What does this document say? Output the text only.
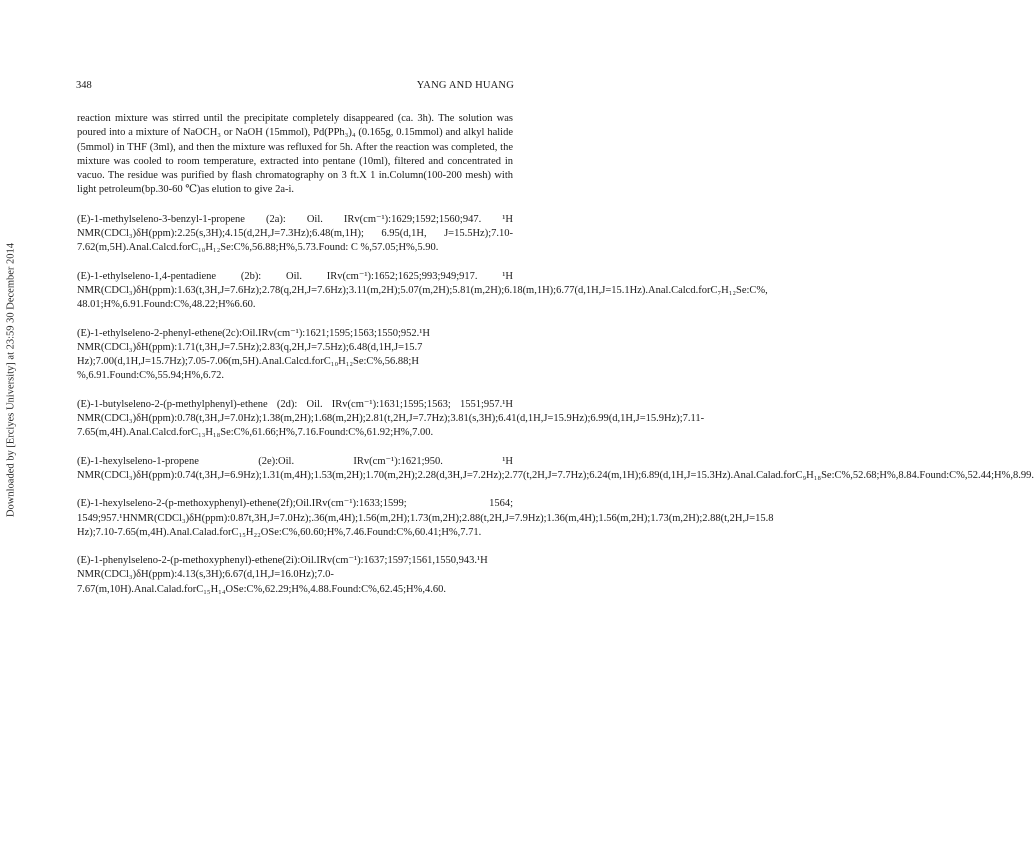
Downloaded by [Erciyes University] at 23:59 30 December 2014
348	YANG AND HUANG

reaction mixture was stirred until the precipitate completely disappeared (ca. 3h). The solution was poured into a mixture of NaOCH₃ or NaOH (15mmol), Pd(PPh₃)₄ (0.165g, 0.15mmol) and alkyl halide (5mmol) in THF (3ml), and then the mixture was refluxed for 5h. After the reaction was completed, the mixture was cooled to room temperature, extracted into pentane (10ml), filtered and concentrated in vacuo. The residue was purified by flash chromatography on 3 ft.X 1 in.Column(100-200 mesh) with light petroleum(bp.30-60 ℃)as elution to give 2a-i.

(E)-1-methylseleno-3-benzyl-1-propene (2a): Oil. IRv(cm⁻¹):1629;1592;1560;947. ¹H NMR(CDCl₃)δH(ppm):2.25(s,3H);4.15(d,2H,J=7.3Hz);6.48(m,1H); 6.95(d,1H, J=15.5Hz);7.10-7.62(m,5H).Anal.Calcd.forC₁₀H₁₂Se:C%,56.88;H%,5.73.Found: C %,57.05;H%,5.90.

(E)-1-ethylseleno-1,4-pentadiene (2b): Oil. IRv(cm⁻¹):1652;1625;993;949;917. ¹H NMR(CDCl₃)δH(ppm):1.63(t,3H,J=7.6Hz);2.78(q,2H,J=7.6Hz);3.11(m,2H);5.07(m,2H);5.81(m,2H);6.18(m,1H);6.77(d,1H,J=15.1Hz).Anal.Calcd.forC₇H₁₂Se:C%, 48.01;H%,6.91.Found:C%,48.22;H%6.60.

(E)-1-ethylseleno-2-phenyl-ethene(2c):Oil.IRv(cm⁻¹):1621;1595;1563;1550;952.¹H NMR(CDCl₃)δH(ppm):1.71(t,3H,J=7.5Hz);2.83(q,2H,J=7.5Hz);6.48(d,1H,J=15.7 Hz);7.00(d,1H,J=15.7Hz);7.05-7.06(m,5H).Anal.Calcd.forC₁₀H₁₂Se:C%,56.88;H %,6.91.Found:C%,55.94;H%,6.72.

(E)-1-butylseleno-2-(p-methylphenyl)-ethene (2d): Oil. IRv(cm⁻¹):1631;1595;1563; 1551;957.¹H NMR(CDCl₃)δH(ppm):0.78(t,3H,J=7.0Hz);1.38(m,2H);1.68(m,2H);2.81(t,2H,J=7.7Hz);3.81(s,3H);6.41(d,1H,J=15.9Hz);6.99(d,1H,J=15.9Hz);7.11-7.65(m,4H).Anal.Calcd.forC₁₃H₁₈Se:C%,61.66;H%,7.16.Found:C%,61.92;H%,7.00.

(E)-1-hexylseleno-1-propene (2e):Oil. IRv(cm⁻¹):1621;950. ¹H NMR(CDCl₃)δH(ppm):0.74(t,3H,J=6.9Hz);1.31(m,4H);1.53(m,2H);1.70(m,2H);2.28(d,3H,J=7.2Hz);2.77(t,2H,J=7.7Hz);6.24(m,1H);6.89(d,1H,J=15.3Hz).Anal.Calad.forC₉H₁₈Se:C%,52.68;H%,8.84.Found:C%,52.44;H%,8.99.

(E)-1-hexylseleno-2-(p-methoxyphenyl)-ethene(2f);Oil.IRv(cm⁻¹):1633;1599; 1564; 1549;957.¹HNMR(CDCl₃)δH(ppm):0.87t,3H,J=7.0Hz);.36(m,4H);1.56(m,2H);1.73(m,2H);2.88(t,2H,J=7.9Hz);1.36(m,4H);1.56(m,2H);1.73(m,2H);2.88(t,2H,J=15.8 Hz);7.10-7.65(m,4H).Anal.Calad.forC₁₅H₂₂OSe:C%,60.60;H%,7.46.Found:C%,60.41;H%,7.71.

(E)-1-phenylseleno-2-(p-methoxyphenyl)-ethene(2i):Oil.IRv(cm⁻¹):1637;1597;1561,1550,943.¹H NMR(CDCl₃)δH(ppm):4.13(s,3H);6.67(d,1H,J=16.0Hz);7.0-7.67(m,10H).Anal.Calad.forC₁₅H₁₄OSe:C%,62.29;H%,4.88.Found:C%,62.45;H%,4.60.
